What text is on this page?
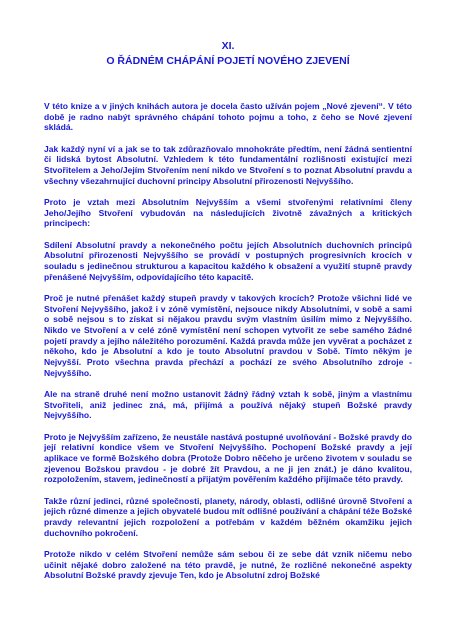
XI.
O ŘÁDNÉM CHÁPÁNÍ POJETÍ NOVÉHO ZJEVENÍ

V této knize a v jiných knihách autora je docela často užíván pojem „Nové zjevení“. V této době je radno nabýt správného chápání tohoto pojmu a toho, z čeho se Nové zjevení skládá.

Jak každý nyní ví a jak se to tak zdůrazňovalo mnohokráte předtím, není žádná sentientní či lidská bytost Absolutní. Vzhledem k této fundamentální rozlišnosti existující mezi Stvořitelem a Jeho/Jejím Stvořením není nikdo ve Stvoření s to poznat Absolutní pravdu a všechny všezahrnující duchovní principy Absolutní přirozenosti Nejvyššího.

Proto je vztah mezi Absolutním Nejvyšším a všemi stvořenými relativními členy Jeho/Jejího Stvoření vybudován na následujících životně závažných a kritických principech:

Sdílení Absolutní pravdy a nekonečného počtu jejích Absolutních duchovních principů Absolutní přirozenosti Nejvyššího se provádí v postupných progresivních krocích v souladu s jedinečnou strukturou a kapacitou každého k obsažení a využití stupně pravdy přenášené Nejvyšším, odpovídajícího této kapacitě.

Proč je nutné přenášet každý stupeň pravdy v takových krocích? Protože všichni lidé ve Stvoření Nejvyššího, jakož i v zóně vymístění, nejsouce nikdy Absolutními, v sobě a sami o sobě nejsou s to získat si nějakou pravdu svým vlastním úsilím mimo z Nejvyššího. Nikdo ve Stvoření a v celé zóně vymístění není schopen vytvořit ze sebe samého žádné pojetí pravdy a jejího náležitého porozumění. Každá pravda může jen vyvěrat a pocházet z někoho, kdo je Absolutní a kdo je touto Absolutní pravdou v Sobě. Tímto někým je Nejvyšší. Proto všechna pravda přechází a pochází ze svého Absolutního zdroje - Nejvyššího.

Ale na straně druhé není možno ustanovit žádný řádný vztah k sobě, jiným a vlastnímu Stvořiteli, aniž jedinec zná, má, přijímá a používá nějaký stupeň Božské pravdy Nejvyššího.

Proto je Nejvyšším zařízeno, že neustále nastává postupné uvolňování - Božské pravdy do její relativní kondice všem ve Stvoření Nejvyššího. Pochopení Božské pravdy a její aplikace ve formě Božského dobra (Protože Dobro něčeho je určeno životem v souladu se zjevenou Božskou pravdou - je dobré žít Pravdou, a ne ji jen znát.) je dáno kvalitou, rozpoložením, stavem, jedinečností a přijatým pověřením každého přijímače této pravdy.

Takže různí jedinci, různé společnosti, planety, národy, oblasti, odlišné úrovně Stvoření a jejich různé dimenze a jejich obyvatelé budou mít odlišné používání a chápání téže Božské pravdy relevantní jejich rozpoložení a potřebám v každém běžném okamžiku jejich duchovního pokročení.

Protože nikdo v celém Stvoření nemůže sám sebou či ze sebe dát vznik ničemu nebo učinit nějaké dobro založené na této pravdě, je nutné, že rozličné nekonečné aspekty Absolutní Božské pravdy zjevuje Ten, kdo je Absolutní zdroj Božské
